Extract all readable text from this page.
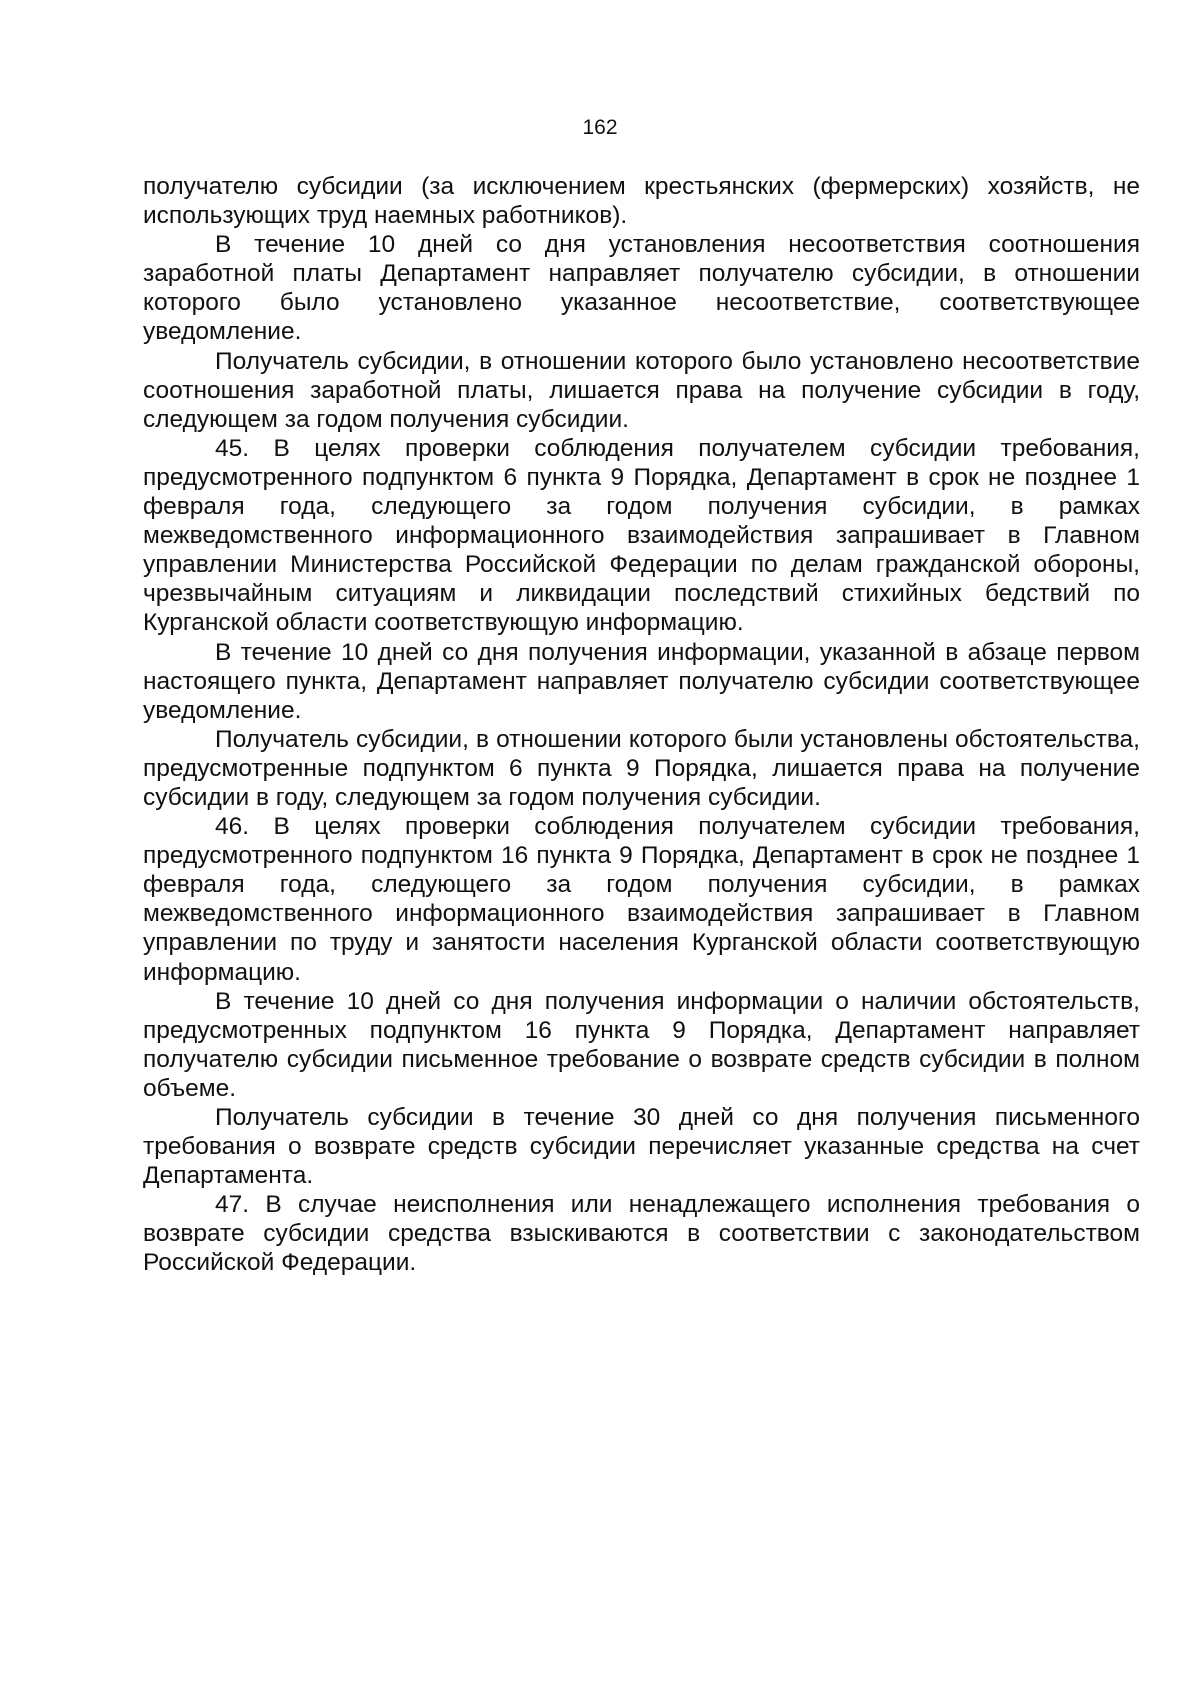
162

получателю субсидии (за исключением крестьянских (фермерских) хозяйств, не использующих труд наемных работников).

В течение 10 дней со дня установления несоответствия соотношения заработной платы Департамент направляет получателю субсидии, в отношении которого было установлено указанное несоответствие, соответствующее уведомление.

Получатель субсидии, в отношении которого было установлено несоответствие соотношения заработной платы, лишается права на получение субсидии в году, следующем за годом получения субсидии.

45. В целях проверки соблюдения получателем субсидии требования, предусмотренного подпунктом 6 пункта 9 Порядка, Департамент в срок не позднее 1 февраля года, следующего за годом получения субсидии, в рамках межведомственного информационного взаимодействия запрашивает в Главном управлении Министерства Российской Федерации по делам гражданской обороны, чрезвычайным ситуациям и ликвидации последствий стихийных бедствий по Курганской области соответствующую информацию.

В течение 10 дней со дня получения информации, указанной в абзаце первом настоящего пункта, Департамент направляет получателю субсидии соответствующее уведомление.

Получатель субсидии, в отношении которого были установлены обстоятельства, предусмотренные подпунктом 6 пункта 9 Порядка, лишается права на получение субсидии в году, следующем за годом получения субсидии.

46. В целях проверки соблюдения получателем субсидии требования, предусмотренного подпунктом 16 пункта 9 Порядка, Департамент в срок не позднее 1 февраля года, следующего за годом получения субсидии, в рамках межведомственного информационного взаимодействия запрашивает в Главном управлении по труду и занятости населения Курганской области соответствующую информацию.

В течение 10 дней со дня получения информации о наличии обстоятельств, предусмотренных подпунктом 16 пункта 9 Порядка, Департамент направляет получателю субсидии письменное требование о возврате средств субсидии в полном объеме.

Получатель субсидии в течение 30 дней со дня получения письменного требования о возврате средств субсидии перечисляет указанные средства на счет Департамента.

47. В случае неисполнения или ненадлежащего исполнения требования о возврате субсидии средства взыскиваются в соответствии с законодательством Российской Федерации.
